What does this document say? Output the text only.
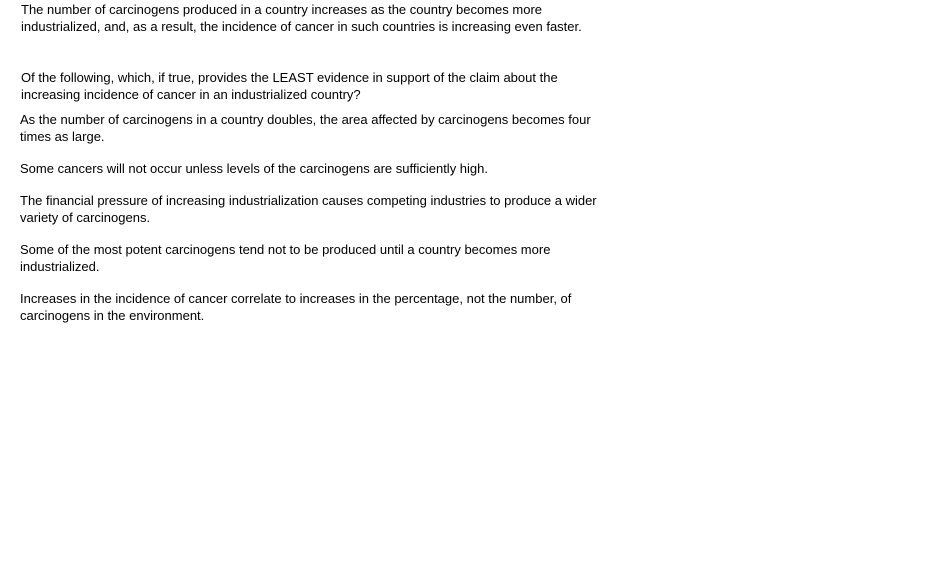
The number of carcinogens produced in a country increases as the country becomes more industrialized, and, as a result, the incidence of cancer in such countries is increasing even faster.

Of the following, which, if true, provides the LEAST evidence in support of the claim about the increasing incidence of cancer in an industrialized country?

As the number of carcinogens in a country doubles, the area affected by carcinogens becomes four times as large.
Some cancers will not occur unless levels of the carcinogens are sufficiently high.
The financial pressure of increasing industrialization causes competing industries to produce a wider variety of carcinogens.
Some of the most potent carcinogens tend not to be produced until a country becomes more industrialized.
Increases in the incidence of cancer correlate to increases in the percentage, not the number, of carcinogens in the environment.
